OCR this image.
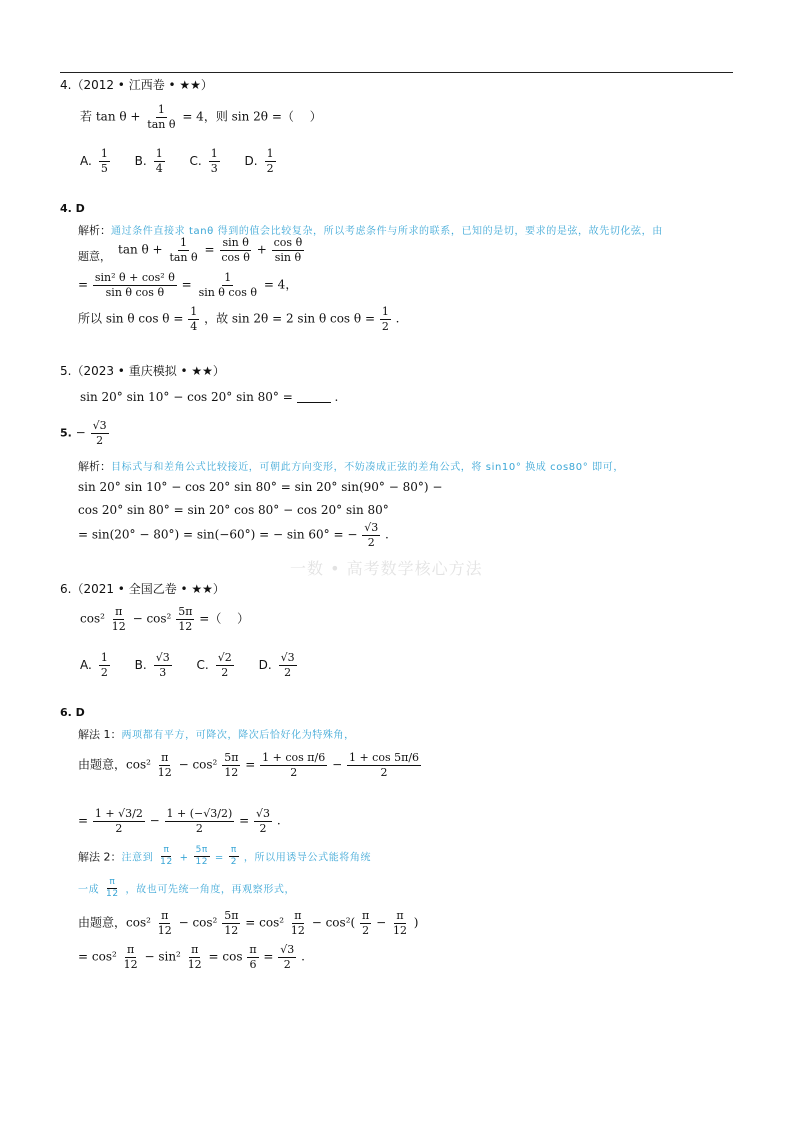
4.（2012 • 江西卷 • ★★）
若 $\tan \theta + \frac{1}{\text{tan θ}} = 4$，则 sin 2θ =（　 ）
A. $\frac{1}{5}$
B. $\frac{1}{4}$
C. $\frac{1}{3}$
D. $\frac{1}{2}$
4. D
解析：通过条件直接求 tanθ 得到的值会比较复杂，所以考虑条件与所求的联系，已知的是切，要求的是弦，故先切化弦，由
题意， $\tan \theta + \frac{1}{\text{tan θ}} = \frac{\text{sin θ}}{\text{cos θ}} + \frac{\text{cos θ}}{\text{sin θ}}$
= $\frac{\text{sin² θ + cos² θ}}{\text{sin θ cos θ}} = \frac{1}{\text{sin θ cos θ}} = 4$，
所以 sin θ $\cos \theta = \frac{1}{4}$ ，故 sin 2θ = 2 sin θ $\cos \theta = \frac{1}{2}$ .
5.（2023 • 重庆模拟 • ★★）
sin 20° sin 10° − cos 20° sin 80° =	.
5. − $\frac{√3}{2}$
解析：目标式与和差角公式比较接近，可朝此方向变形，不妨凑成正弦的差角公式，将 sin10° 换成 cos80° 即可，
sin 20° sin 10° − cos 20° sin 80° = sin 20° sin(90° − 80°) −
cos 20° sin 80° = sin 20° cos 80° − cos 20° sin 80°
= sin(20° − 80°) = sin(−60°) = − sin 60° = − $\frac{√3}{2}$ .
一数 • 高考数学核心方法
6.（2021 • 全国乙卷 • ★★）
$\cos^2 \frac{\pi}{12} - \cos^2 \frac{5\pi}{12}$ =（　 ）
A. $\frac{1}{2}$
B. $\frac{√3}{3}$
C. $\frac{√2}{2}$
D. $\frac{√3}{2}$
6. D
解法 1：两项都有平方，可降次，降次后恰好化为特殊角，
由题意，$\cos^2 \frac{\pi}{12} - \cos^2 \frac{5\pi}{12} = \frac{\text{1 + cos π/6}}{2} - \frac{1 + \cos 5\pi/6}{2}$
= $\frac{1 + √3/2}{2} - \frac{1 + (-√3/2)}{2} = \frac{√3}{2}$ .
解法 2：注意到 $\frac{\pi}{12} + \frac{5\pi}{12} = \frac{\pi}{2}$ ，所以用诱导公式能将角统
一成 $\frac{\pi}{12}$ ，故也可先统一角度，再观察形式，
由题意，$\cos^2 \frac{\pi}{12} - \cos^2 \frac{5\pi}{12} = \cos^2 \frac{\pi}{12} - \cos^2( \frac{\pi}{2} - \frac{\pi}{12}$ )
= $\cos^2 \frac{\pi}{12} - \sin^2 \frac{\pi}{12} = \cos \frac{\pi}{6} = \frac{√3}{2}$ .
